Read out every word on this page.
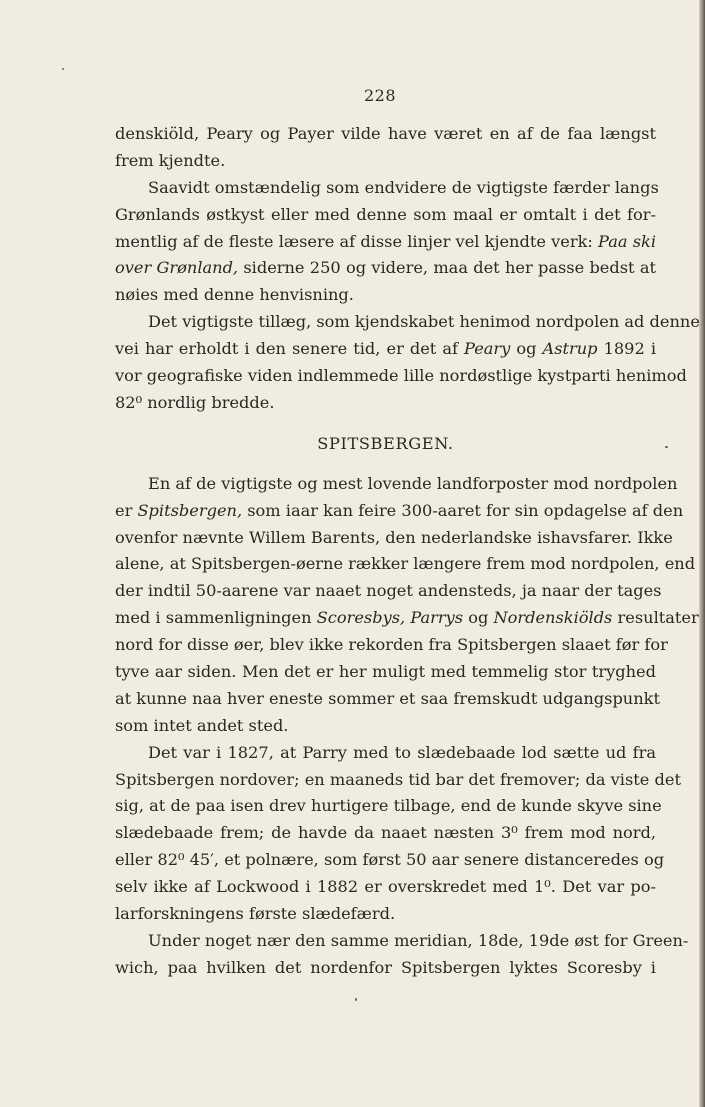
228
denskiöld, Peary og Payer vilde have været en af de faa længst
frem kjendte.
Saavidt omstændelig som endvidere de vigtigste færder langs
Grønlands østkyst eller med denne som maal er omtalt i det for-
mentlig af de fleste læsere af disse linjer vel kjendte verk: Paa ski
over Grønland, siderne 250 og videre, maa det her passe bedst at
nøies med denne henvisning.
Det vigtigste tillæg, som kjendskabet henimod nordpolen ad denne
vei har erholdt i den senere tid, er det af Peary og Astrup 1892 i
vor geografiske viden indlemmede lille nordøstlige kystparti henimod
82⁰ nordlig bredde.
SPITSBERGEN.
En af de vigtigste og mest lovende landforposter mod nordpolen
er Spitsbergen, som iaar kan feire 300-aaret for sin opdagelse af den
ovenfor nævnte Willem Barents, den nederlandske ishavsfarer. Ikke
alene, at Spitsbergen-øerne rækker længere frem mod nordpolen, end
der indtil 50-aarene var naaet noget andensteds, ja naar der tages
med i sammenligningen Scoresbys, Parrys og Nordenskiölds resultater
nord for disse øer, blev ikke rekorden fra Spitsbergen slaaet før for
tyve aar siden. Men det er her muligt med temmelig stor tryghed
at kunne naa hver eneste sommer et saa fremskudt udgangspunkt
som intet andet sted.
Det var i 1827, at Parry med to slædebaade lod sætte ud fra
Spitsbergen nordover; en maaneds tid bar det fremover; da viste det
sig, at de paa isen drev hurtigere tilbage, end de kunde skyve sine
slædebaade frem; de havde da naaet næsten 3⁰ frem mod nord,
eller 82⁰ 45′, et polnære, som først 50 aar senere distanceredes og
selv ikke af Lockwood i 1882 er overskredet med 1⁰. Det var po-
larforskningens første slædefærd.
Under noget nær den samme meridian, 18de, 19de øst for Green-
wich, paa hvilken det nordenfor Spitsbergen lyktes Scoresby i
